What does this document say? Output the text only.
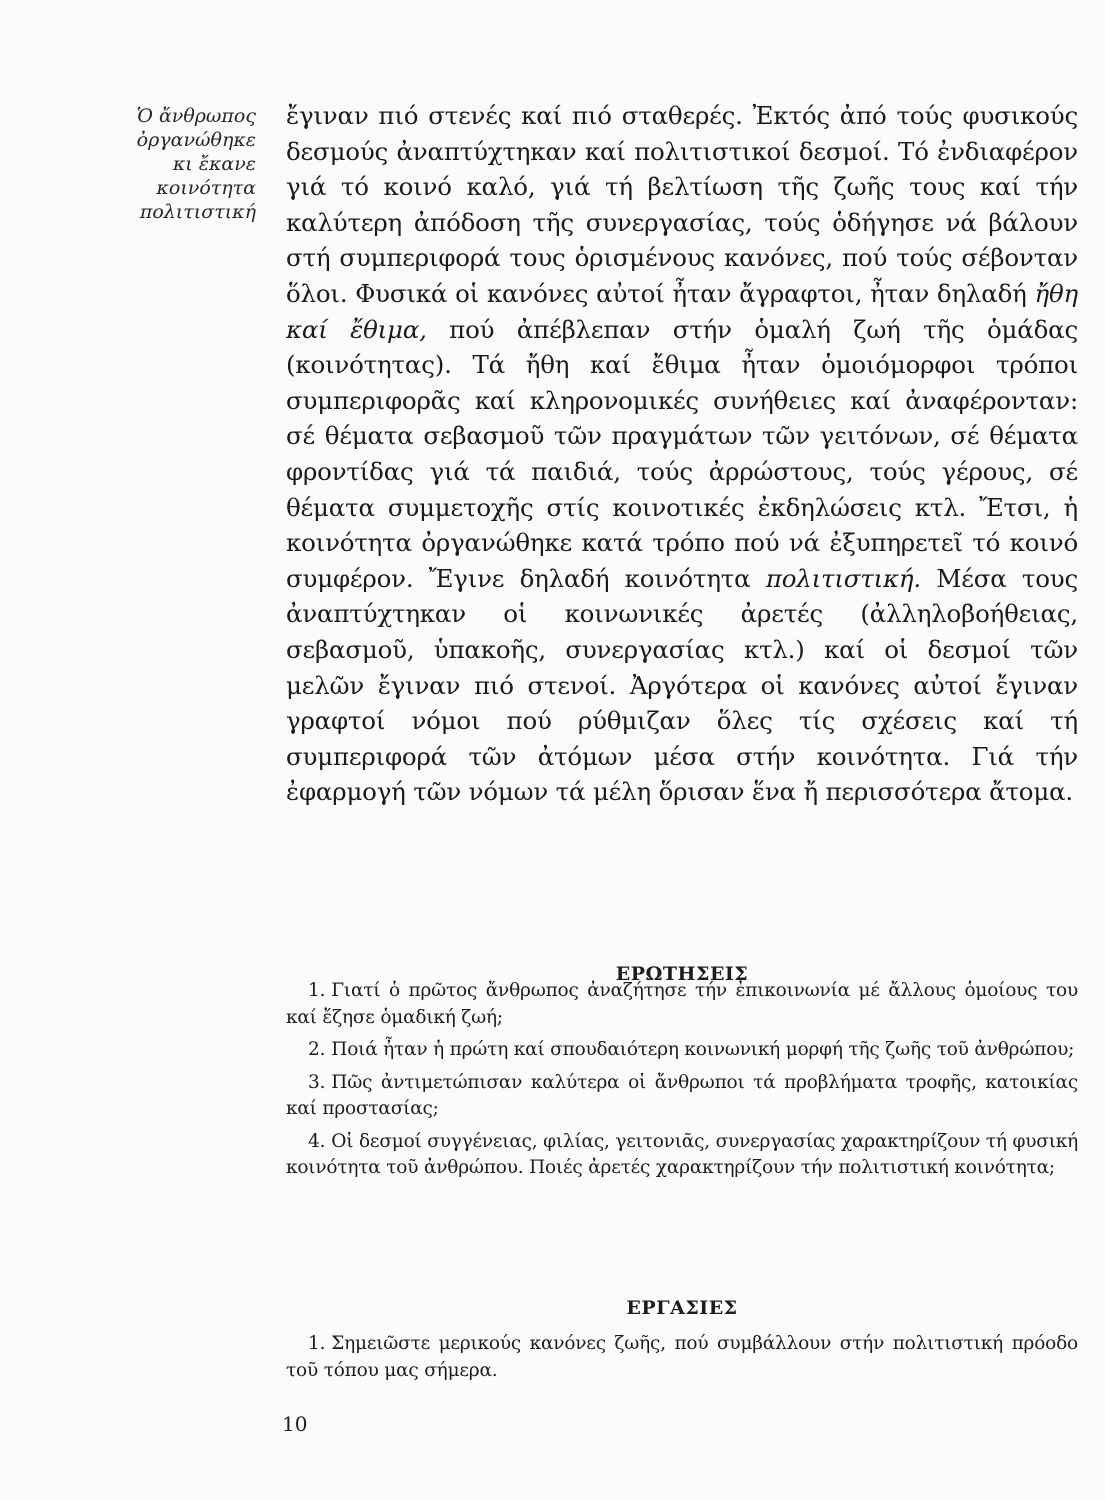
Ὁ ἄνθρωπος
ὀργανώθηκε
κι ἔκανε
κοινότητα
πολιτιστική

ἔγιναν πιό στενές καί πιό σταθερές. Ἐκτός ἀπό τούς φυσικούς δεσμούς ἀναπτύχτηκαν καί πολιτιστικοί δεσμοί. Τό ἐνδιαφέρον γιά τό κοινό καλό, γιά τή βελτίωση τῆς ζωῆς τους καί τήν καλύτερη ἀπόδοση τῆς συνεργασίας, τούς ὁδήγησε νά βάλουν στή συμπεριφορά τους ὁρισμένους κανόνες, πού τούς σέβονταν ὅλοι. Φυσικά οἱ κανόνες αὐτοί ἦταν ἄγραφτοι, ἦταν δηλαδή ἤθη καί ἔθιμα, πού ἀπέβλεπαν στήν ὁμαλή ζωή τῆς ὁμάδας (κοινότητας). Τά ἤθη καί ἔθιμα ἦταν ὁμοιόμορφοι τρόποι συμπεριφορᾶς καί κληρονομικές συνήθειες καί ἀναφέρονταν: σέ θέματα σεβασμοῦ τῶν πραγμάτων τῶν γειτόνων, σέ θέματα φροντίδας γιά τά παιδιά, τούς ἀρρώστους, τούς γέρους, σέ θέματα συμμετοχῆς στίς κοινοτικές ἐκδηλώσεις κτλ. Ἔτσι, ἡ κοινότητα ὀργανώθηκε κατά τρόπο πού νά ἐξυπηρετεῖ τό κοινό συμφέρον. Ἔγινε δηλαδή κοινότητα πολιτιστική. Μέσα τους ἀναπτύχτηκαν οἱ κοινωνικές ἀρετές (ἀλληλοβοήθειας, σεβασμοῦ, ὑπακοῆς, συνεργασίας κτλ.) καί οἱ δεσμοί τῶν μελῶν ἔγιναν πιό στενοί. Ἀργότερα οἱ κανόνες αὐτοί ἔγιναν γραφτοί νόμοι πού ρύθμιζαν ὅλες τίς σχέσεις καί τή συμπεριφορά τῶν ἀτόμων μέσα στήν κοινότητα. Γιά τήν ἐφαρμογή τῶν νόμων τά μέλη ὅρισαν ἕνα ἤ περισσότερα ἄτομα.

ΕΡΩΤΗΣΕΙΣ
1. Γιατί ὁ πρῶτος ἄνθρωπος ἀναζήτησε τήν ἐπικοινωνία μέ ἄλλους ὁμοίους του καί ἔζησε ὁμαδική ζωή;
2. Ποιά ἦταν ἡ πρώτη καί σπουδαιότερη κοινωνική μορφή τῆς ζωῆς τοῦ ἀνθρώπου;
3. Πῶς ἀντιμετώπισαν καλύτερα οἱ ἄνθρωποι τά προβλήματα τροφῆς, κατοικίας καί προστασίας;
4. Οἱ δεσμοί συγγένειας, φιλίας, γειτονιᾶς, συνεργασίας χαρακτηρίζουν τή φυσική κοινότητα τοῦ ἀνθρώπου. Ποιές ἀρετές χαρακτηρίζουν τήν πολιτιστική κοινότητα;
ΕΡΓΑΣΙΕΣ
1. Σημειῶστε μερικούς κανόνες ζωῆς, πού συμβάλλουν στήν πολιτιστική πρόοδο τοῦ τόπου μας σήμερα.
10
